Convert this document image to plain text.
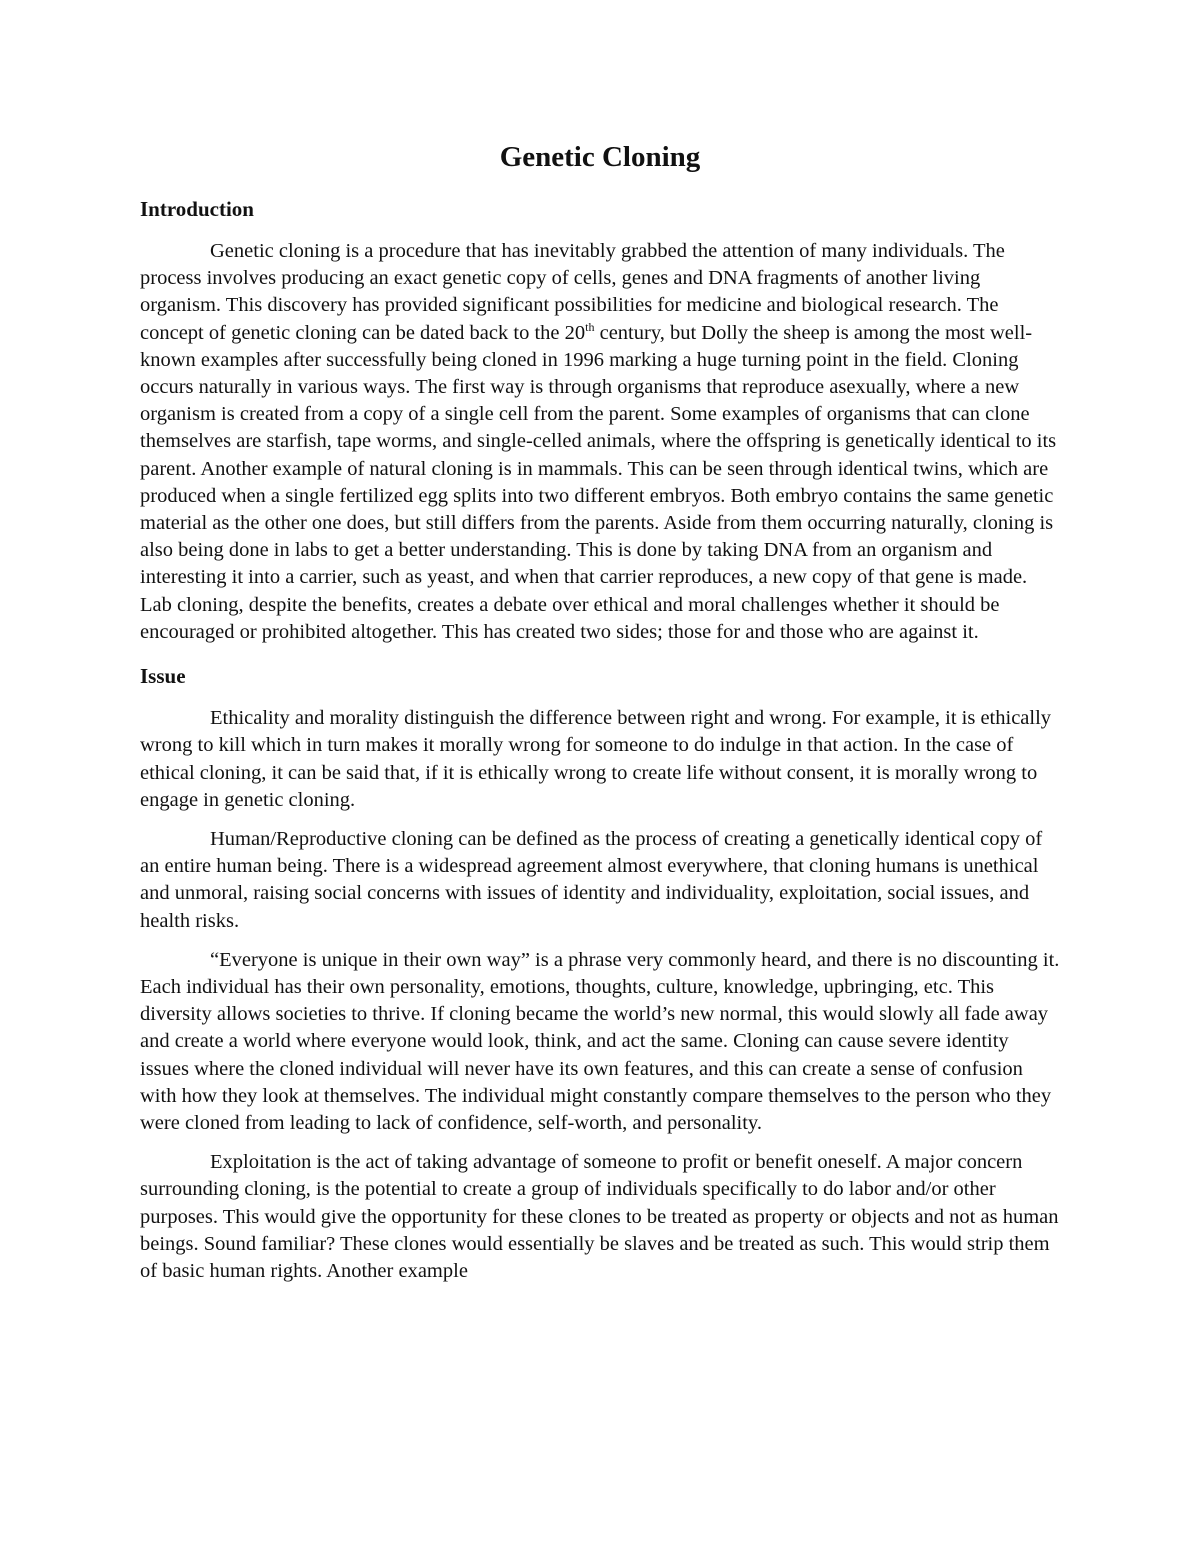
Genetic Cloning
Introduction

Genetic cloning is a procedure that has inevitably grabbed the attention of many individuals. The process involves producing an exact genetic copy of cells, genes and DNA fragments of another living organism. This discovery has provided significant possibilities for medicine and biological research. The concept of genetic cloning can be dated back to the 20th century, but Dolly the sheep is among the most well-known examples after successfully being cloned in 1996 marking a huge turning point in the field. Cloning occurs naturally in various ways. The first way is through organisms that reproduce asexually, where a new organism is created from a copy of a single cell from the parent. Some examples of organisms that can clone themselves are starfish, tape worms, and single-celled animals, where the offspring is genetically identical to its parent. Another example of natural cloning is in mammals. This can be seen through identical twins, which are produced when a single fertilized egg splits into two different embryos. Both embryo contains the same genetic material as the other one does, but still differs from the parents. Aside from them occurring naturally, cloning is also being done in labs to get a better understanding. This is done by taking DNA from an organism and interesting it into a carrier, such as yeast, and when that carrier reproduces, a new copy of that gene is made. Lab cloning, despite the benefits, creates a debate over ethical and moral challenges whether it should be encouraged or prohibited altogether. This has created two sides; those for and those who are against it.

Issue

Ethicality and morality distinguish the difference between right and wrong. For example, it is ethically wrong to kill which in turn makes it morally wrong for someone to do indulge in that action. In the case of ethical cloning, it can be said that, if it is ethically wrong to create life without consent, it is morally wrong to engage in genetic cloning.

Human/Reproductive cloning can be defined as the process of creating a genetically identical copy of an entire human being. There is a widespread agreement almost everywhere, that cloning humans is unethical and unmoral, raising social concerns with issues of identity and individuality, exploitation, social issues, and health risks.

“Everyone is unique in their own way” is a phrase very commonly heard, and there is no discounting it. Each individual has their own personality, emotions, thoughts, culture, knowledge, upbringing, etc. This diversity allows societies to thrive. If cloning became the world’s new normal, this would slowly all fade away and create a world where everyone would look, think, and act the same. Cloning can cause severe identity issues where the cloned individual will never have its own features, and this can create a sense of confusion with how they look at themselves. The individual might constantly compare themselves to the person who they were cloned from leading to lack of confidence, self-worth, and personality.

Exploitation is the act of taking advantage of someone to profit or benefit oneself. A major concern surrounding cloning, is the potential to create a group of individuals specifically to do labor and/or other purposes. This would give the opportunity for these clones to be treated as property or objects and not as human beings. Sound familiar? These clones would essentially be slaves and be treated as such. This would strip them of basic human rights. Another example
